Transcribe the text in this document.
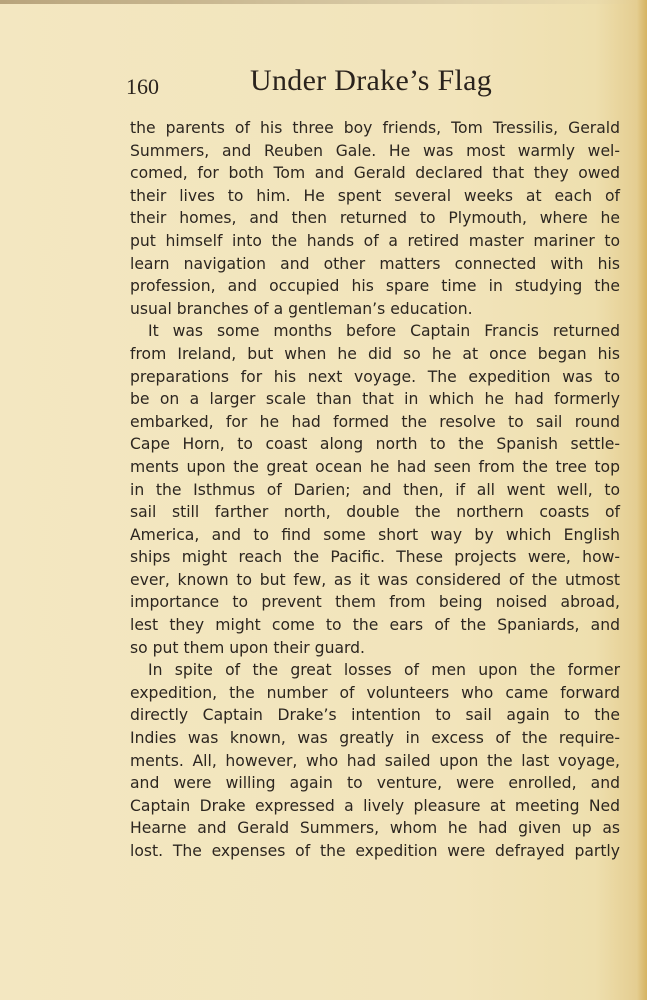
160	Under Drake’s Flag
the parents of his three boy friends, Tom Tressilis, Gerald
Summers, and Reuben Gale. He was most warmly wel-
comed, for both Tom and Gerald declared that they owed
their lives to him. He spent several weeks at each of
their homes, and then returned to Plymouth, where he
put himself into the hands of a retired master mariner to
learn navigation and other matters connected with his
profession, and occupied his spare time in studying the
usual branches of a gentleman’s education.
It was some months before Captain Francis returned
from Ireland, but when he did so he at once began his
preparations for his next voyage. The expedition was to
be on a larger scale than that in which he had formerly
embarked, for he had formed the resolve to sail round
Cape Horn, to coast along north to the Spanish settle-
ments upon the great ocean he had seen from the tree top
in the Isthmus of Darien; and then, if all went well, to
sail still farther north, double the northern coasts of
America, and to find some short way by which English
ships might reach the Pacific. These projects were, how-
ever, known to but few, as it was considered of the utmost
importance to prevent them from being noised abroad,
lest they might come to the ears of the Spaniards, and
so put them upon their guard.
In spite of the great losses of men upon the former
expedition, the number of volunteers who came forward
directly Captain Drake’s intention to sail again to the
Indies was known, was greatly in excess of the require-
ments. All, however, who had sailed upon the last voyage,
and were willing again to venture, were enrolled, and
Captain Drake expressed a lively pleasure at meeting Ned
Hearne and Gerald Summers, whom he had given up as
lost. The expenses of the expedition were defrayed partly
